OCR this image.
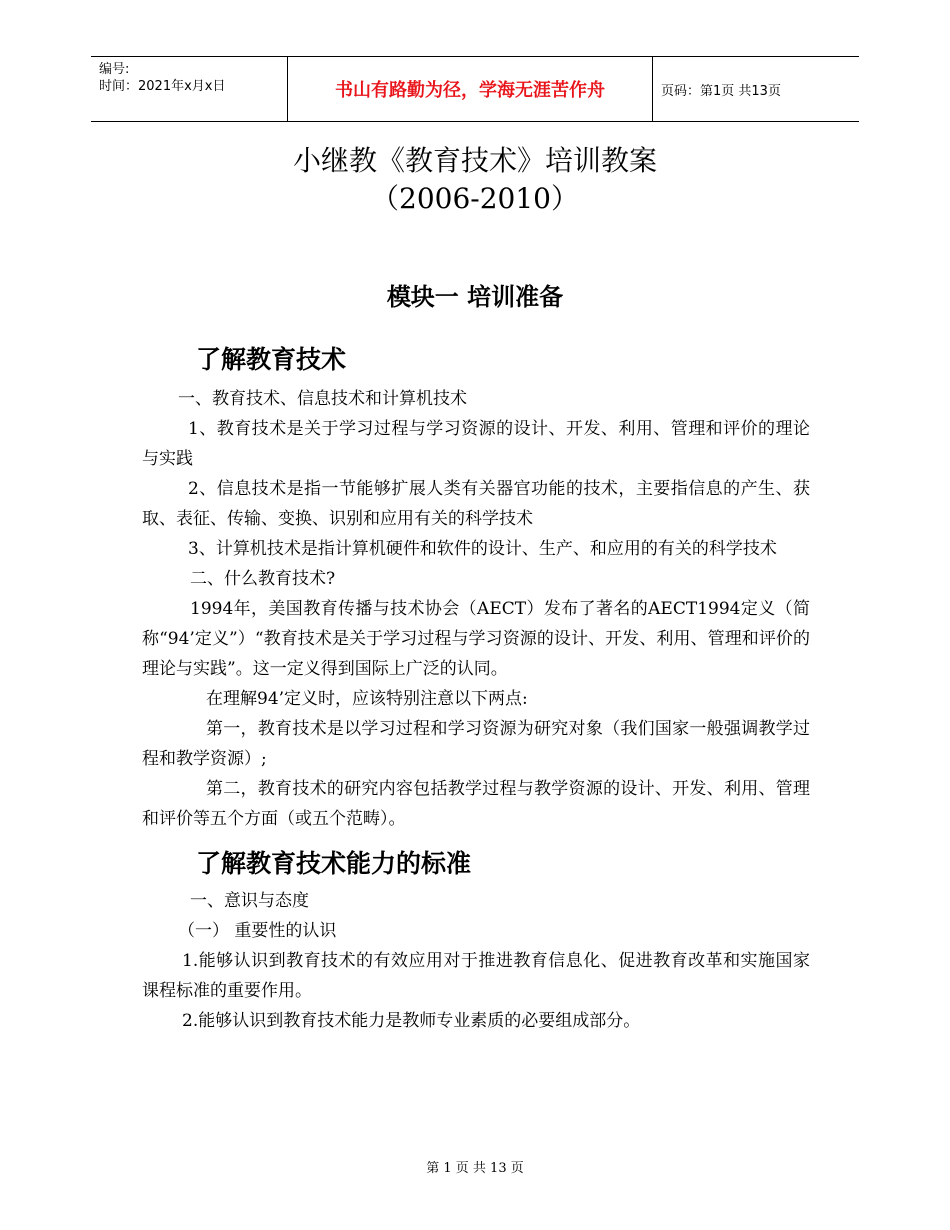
编号:
时间：2021年x月x日	书山有路勤为径，学海无涯苦作舟	页码：第1页 共13页
小继教《教育技术》培训教案
（2006-2010）
模块一 培训准备
了解教育技术

一、教育技术、信息技术和计算机技术

1、教育技术是关于学习过程与学习资源的设计、开发、利用、管理和评价的理论与实践

2、信息技术是指一节能够扩展人类有关器官功能的技术，主要指信息的产生、获取、表征、传输、变换、识别和应用有关的科学技术

3、计算机技术是指计算机硬件和软件的设计、生产、和应用的有关的科学技术

二、什么教育技术?

1994年，美国教育传播与技术协会（AECT）发布了著名的AECT1994定义（简称“94’定义”）“教育技术是关于学习过程与学习资源的设计、开发、利用、管理和评价的理论与实践”。这一定义得到国际上广泛的认同。

在理解94’定义时，应该特别注意以下两点:

第一，教育技术是以学习过程和学习资源为研究对象（我们国家一般强调教学过程和教学资源）;

第二，教育技术的研究内容包括教学过程与教学资源的设计、开发、利用、管理和评价等五个方面（或五个范畴）。

了解教育技术能力的标准

一、意识与态度

（一） 重要性的认识

1.能够认识到教育技术的有效应用对于推进教育信息化、促进教育改革和实施国家课程标准的重要作用。

2.能够认识到教育技术能力是教师专业素质的必要组成部分。

第 1 页 共 13 页
